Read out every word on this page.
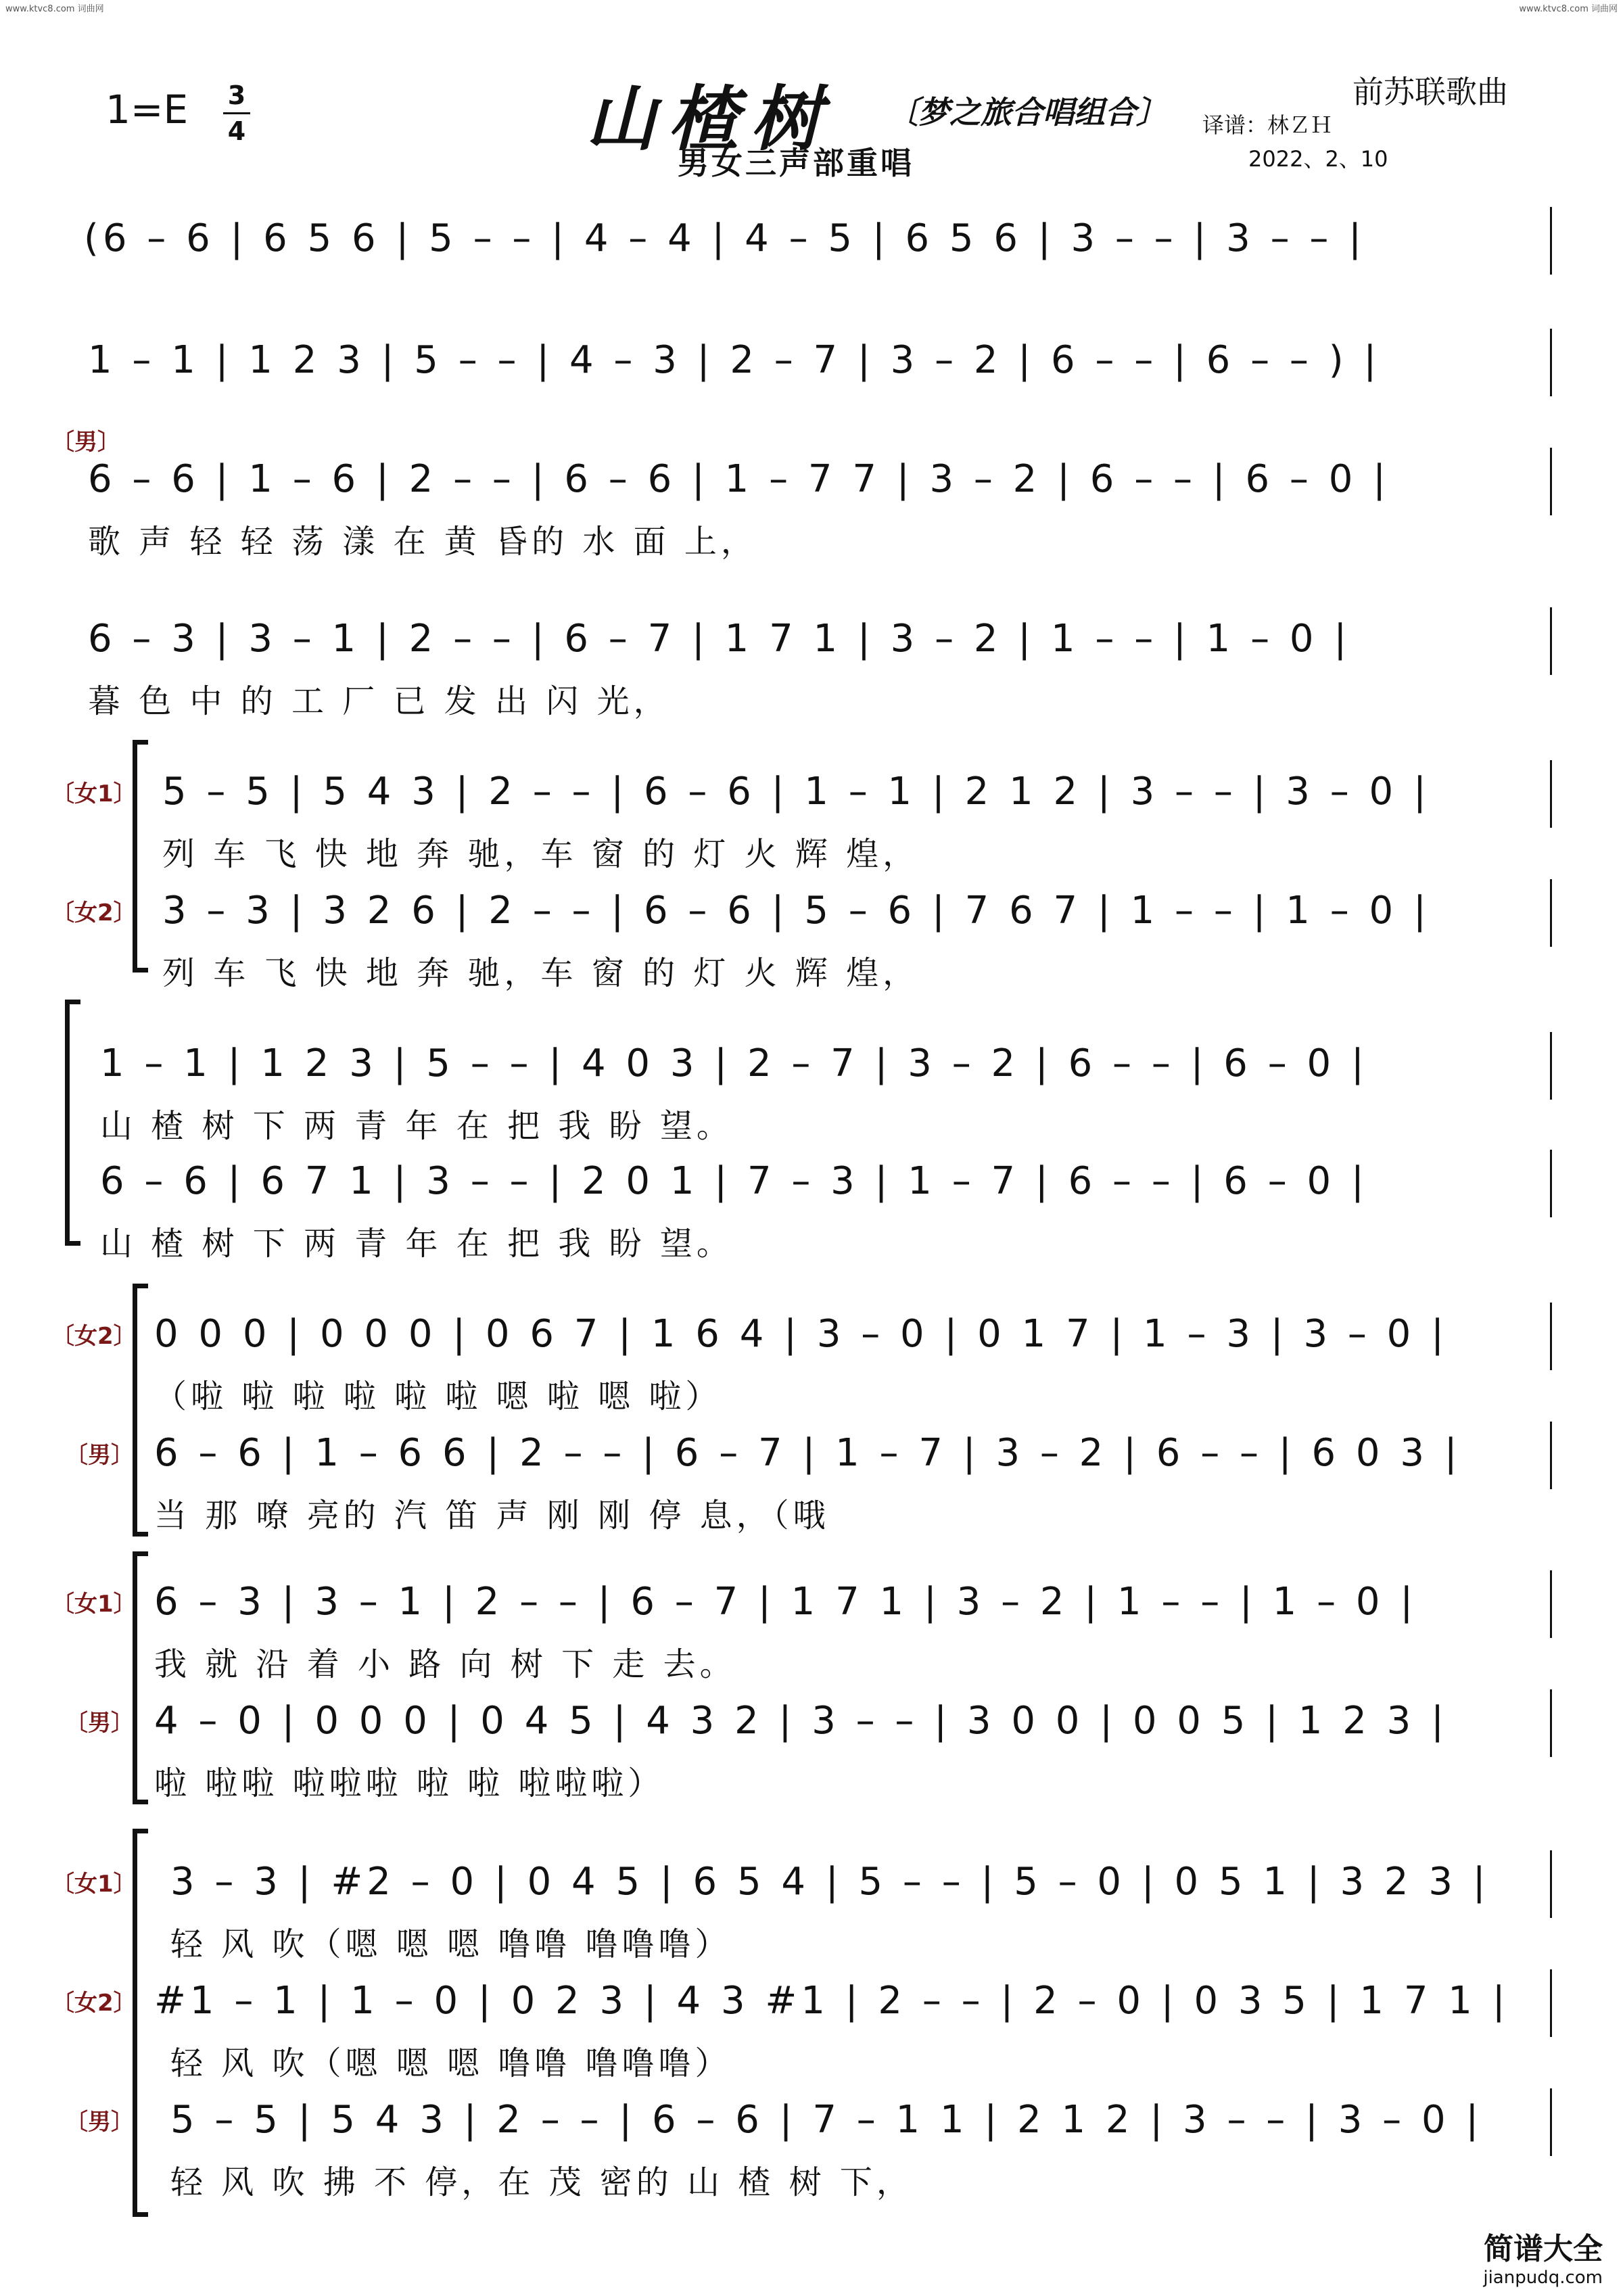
www.ktvc8.com 词曲网	www.ktvc8.com 词曲网
1=E 3
4	山楂树 〔梦之旅合唱组合〕
男女三声部重唱
前苏联歌曲
译谱：林ＺＨ
2022、2、10
(6 – 6 | 6 5 6 | 5 – – | 4 – 4 | 4 – 5 | 6 5 6 | 3 – – | 3 – – |
1 – 1 | 1 2 3 | 5 – – | 4 – 3 | 2 – 7 | 3 – 2 | 6 – – | 6 – – ) |
〔男〕
6 – 6 | 1 – 6 | 2 – – | 6 – 6 | 1 – 7 7 | 3 – 2 | 6 – – | 6 – 0 |
歌 声 轻 轻 荡 漾 在 黄 昏的 水 面 上，
6 – 3 | 3 – 1 | 2 – – | 6 – 7 | 1 7 1 | 3 – 2 | 1 – – | 1 – 0 |
暮 色 中 的 工 厂 已 发 出 闪 光，
〔女1〕 5 – 5 | 5 4 3 | 2 – – | 6 – 6 | 1 – 1 | 2 1 2 | 3 – – | 3 – 0 |
列 车 飞 快 地 奔 驰，车 窗 的 灯 火 辉 煌，
〔女2〕 3 – 3 | 3 2 6 | 2 – – | 6 – 6 | 5 – 6 | 7 6 7 | 1 – – | 1 – 0 |
列 车 飞 快 地 奔 驰，车 窗 的 灯 火 辉 煌，
1 – 1 | 1 2 3 | 5 – – | 4 0 3 | 2 – 7 | 3 – 2 | 6 – – | 6 – 0 |
山 楂 树 下 两 青 年 在 把 我 盼 望。
6 – 6 | 6 7 1 | 3 – – | 2 0 1 | 7 – 3 | 1 – 7 | 6 – – | 6 – 0 |
山 楂 树 下 两 青 年 在 把 我 盼 望。
〔女2〕 0 0 0 | 0 0 0 | 0 6 7 | 1 6 4 | 3 – 0 | 0 1 7 | 1 – 3 | 3 – 0 |
（啦 啦 啦 啦 啦 啦 嗯 啦 嗯 啦）
〔男〕 6 – 6 | 1 – 6 6 | 2 – – | 6 – 7 | 1 – 7 | 3 – 2 | 6 – – | 6 0 3 |
当 那 嘹 亮的 汽 笛 声 刚 刚 停 息，（哦
〔女1〕 6 – 3 | 3 – 1 | 2 – – | 6 – 7 | 1 7 1 | 3 – 2 | 1 – – | 1 – 0 |
我 就 沿 着 小 路 向 树 下 走 去。
〔男〕 4 – 0 | 0 0 0 | 0 4 5 | 4 3 2 | 3 – – | 3 0 0 | 0 0 5 | 1 2 3 |
啦 啦啦 啦啦啦 啦 啦 啦啦啦）
〔女1〕 3 – 3 | #2 – 0 | 0 4 5 | 6 5 4 | 5 – – | 5 – 0 | 0 5 1 | 3 2 3 |
轻 风 吹（嗯 嗯 嗯 噜噜 噜噜噜）
〔女2〕 #1 – 1 | 1 – 0 | 0 2 3 | 4 3 #1 | 2 – – | 2 – 0 | 0 3 5 | 1 7 1 |
轻 风 吹（嗯 嗯 嗯 噜噜 噜噜噜）
〔男〕 5 – 5 | 5 4 3 | 2 – – | 6 – 6 | 7 – 1 1 | 2 1 2 | 3 – – | 3 – 0 |
轻 风 吹 拂 不 停，在 茂 密的 山 楂 树 下，
简谱大全
jianpudq.com
